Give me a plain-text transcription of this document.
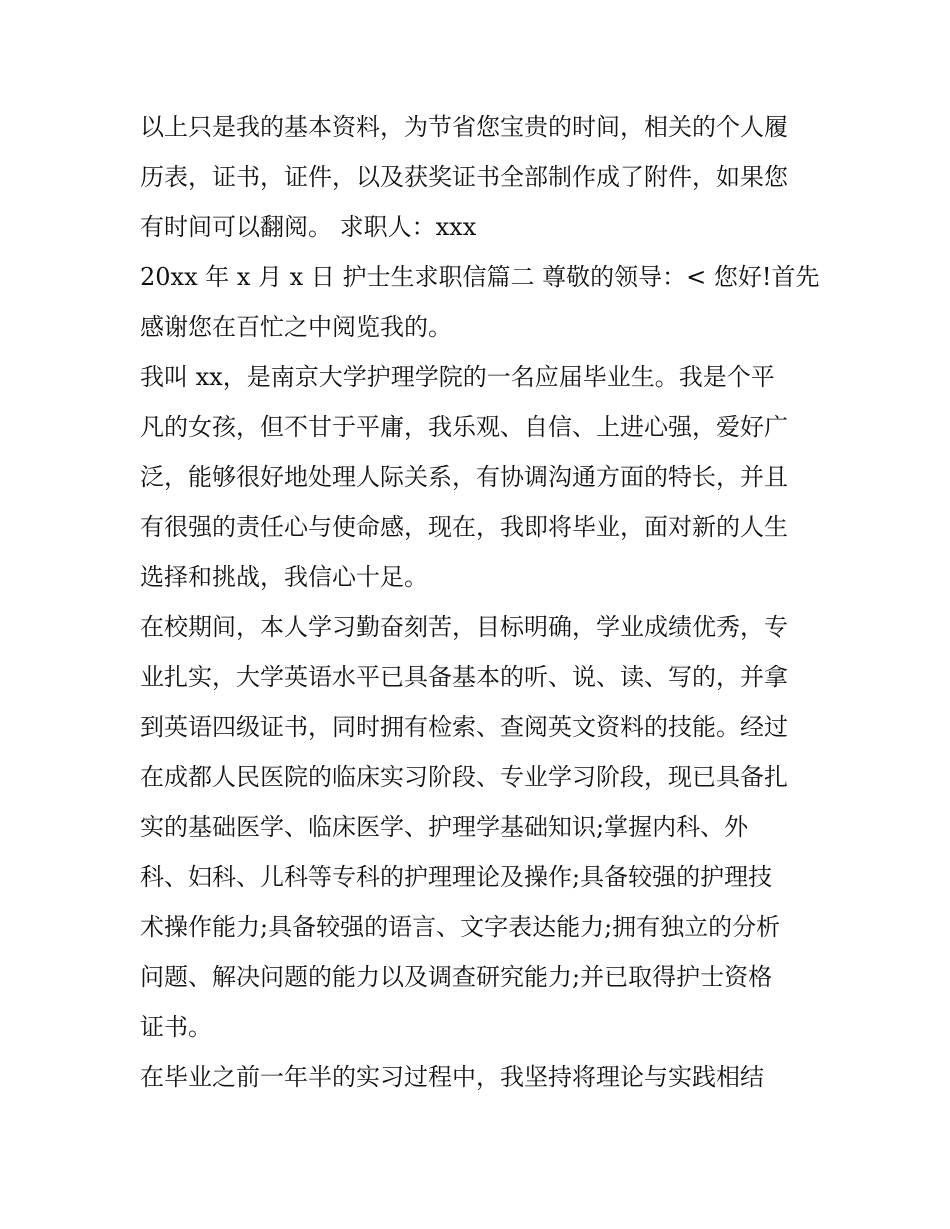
以上只是我的基本资料，为节省您宝贵的时间，相关的个人履
历表，证书，证件，以及获奖证书全部制作成了附件，如果您
有时间可以翻阅。 求职人：xxx
20xx 年 x 月 x 日 护士生求职信篇二 尊敬的领导：< 您好!首先
感谢您在百忙之中阅览我的。
我叫 xx，是南京大学护理学院的一名应届毕业生。我是个平
凡的女孩，但不甘于平庸，我乐观、自信、上进心强，爱好广
泛，能够很好地处理人际关系，有协调沟通方面的特长，并且
有很强的责任心与使命感，现在，我即将毕业，面对新的人生
选择和挑战，我信心十足。
在校期间，本人学习勤奋刻苦，目标明确，学业成绩优秀，专
业扎实，大学英语水平已具备基本的听、说、读、写的，并拿
到英语四级证书，同时拥有检索、查阅英文资料的技能。经过
在成都人民医院的临床实习阶段、专业学习阶段，现已具备扎
实的基础医学、临床医学、护理学基础知识;掌握内科、外
科、妇科、儿科等专科的护理理论及操作;具备较强的护理技
术操作能力;具备较强的语言、文字表达能力;拥有独立的分析
问题、解决问题的能力以及调查研究能力;并已取得护士资格
证书。
在毕业之前一年半的实习过程中，我坚持将理论与实践相结
